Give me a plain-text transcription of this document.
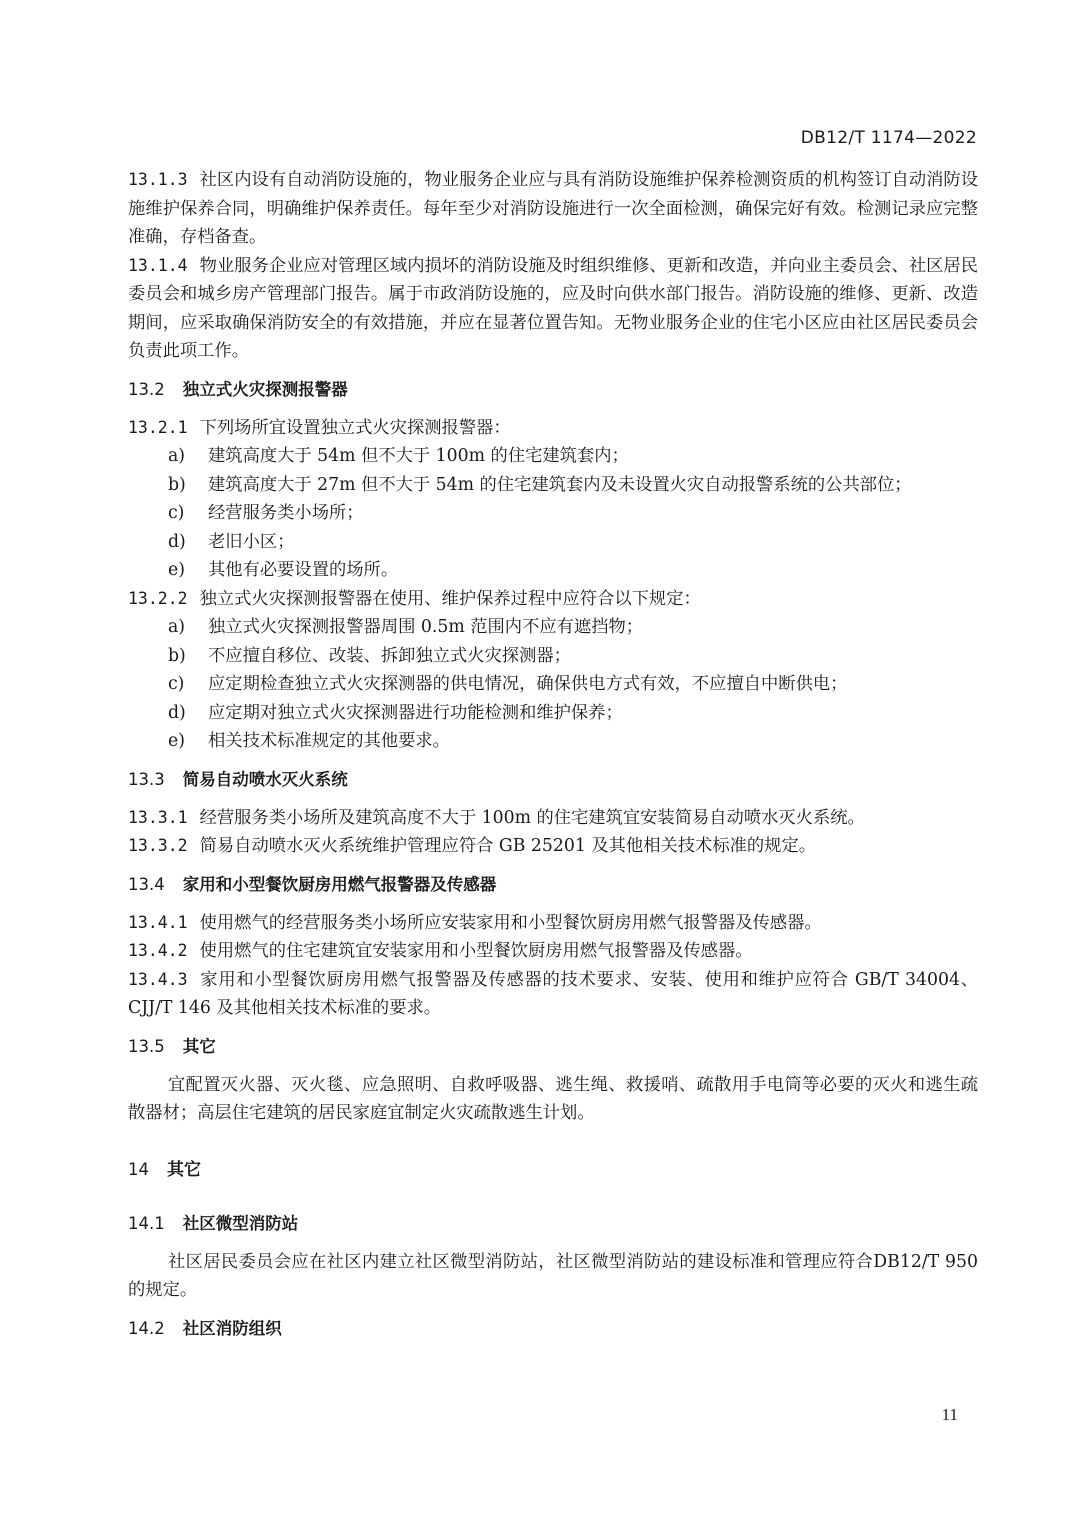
DB12/T 1174—2022

13.1.3 社区内设有自动消防设施的，物业服务企业应与具有消防设施维护保养检测资质的机构签订自动消防设施维护保养合同，明确维护保养责任。每年至少对消防设施进行一次全面检测，确保完好有效。检测记录应完整准确，存档备查。

13.1.4 物业服务企业应对管理区域内损坏的消防设施及时组织维修、更新和改造，并向业主委员会、社区居民委员会和城乡房产管理部门报告。属于市政消防设施的，应及时向供水部门报告。消防设施的维修、更新、改造期间，应采取确保消防安全的有效措施，并应在显著位置告知。无物业服务企业的住宅小区应由社区居民委员会负责此项工作。

13.2 独立式火灾探测报警器

13.2.1 下列场所宜设置独立式火灾探测报警器：

a) 建筑高度大于 54m 但不大于 100m 的住宅建筑套内；

b) 建筑高度大于 27m 但不大于 54m 的住宅建筑套内及未设置火灾自动报警系统的公共部位；

c) 经营服务类小场所；

d) 老旧小区；

e) 其他有必要设置的场所。

13.2.2 独立式火灾探测报警器在使用、维护保养过程中应符合以下规定：

a) 独立式火灾探测报警器周围 0.5m 范围内不应有遮挡物；

b) 不应擅自移位、改装、拆卸独立式火灾探测器；

c) 应定期检查独立式火灾探测器的供电情况，确保供电方式有效，不应擅自中断供电；

d) 应定期对独立式火灾探测器进行功能检测和维护保养；

e) 相关技术标准规定的其他要求。

13.3 简易自动喷水灭火系统

13.3.1 经营服务类小场所及建筑高度不大于 100m 的住宅建筑宜安装简易自动喷水灭火系统。

13.3.2 简易自动喷水灭火系统维护管理应符合 GB 25201 及其他相关技术标准的规定。

13.4 家用和小型餐饮厨房用燃气报警器及传感器

13.4.1 使用燃气的经营服务类小场所应安装家用和小型餐饮厨房用燃气报警器及传感器。

13.4.2 使用燃气的住宅建筑宜安装家用和小型餐饮厨房用燃气报警器及传感器。

13.4.3 家用和小型餐饮厨房用燃气报警器及传感器的技术要求、安装、使用和维护应符合 GB/T 34004、CJJ/T 146 及其他相关技术标准的要求。

13.5 其它

宜配置灭火器、灭火毯、应急照明、自救呼吸器、逃生绳、救援哨、疏散用手电筒等必要的灭火和逃生疏散器材；高层住宅建筑的居民家庭宜制定火灾疏散逃生计划。

14 其它
14.1 社区微型消防站

社区居民委员会应在社区内建立社区微型消防站，社区微型消防站的建设标准和管理应符合DB12/T 950的规定。

14.2 社区消防组织
11
